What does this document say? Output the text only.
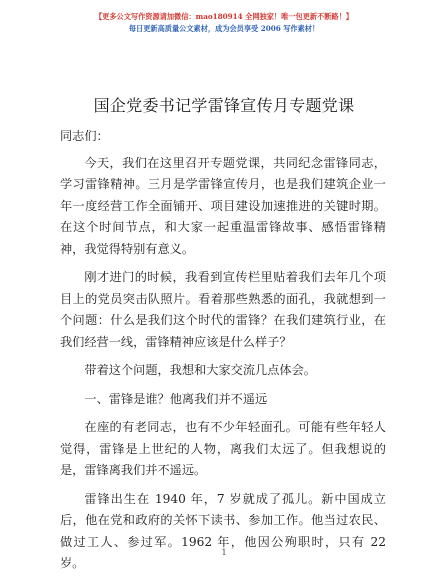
【更多公文写作资源请加微信：mao180914 全网独家！唯一包更新不断路！】
每日更新高质量公文素材，成为会员享受 2006 写作素材！
国企党委书记学雷锋宣传月专题党课

同志们：

今天，我们在这里召开专题党课，共同纪念雷锋同志，学习雷锋精神。三月是学雷锋宣传月，也是我们建筑企业一年一度经营工作全面铺开、项目建设加速推进的关键时期。在这个时间节点，和大家一起重温雷锋故事、感悟雷锋精神，我觉得特别有意义。

刚才进门的时候，我看到宣传栏里贴着我们去年几个项目上的党员突击队照片。看着那些熟悉的面孔，我就想到一个问题：什么是我们这个时代的雷锋？在我们建筑行业，在我们经营一线，雷锋精神应该是什么样子？

带着这个问题，我想和大家交流几点体会。

一、雷锋是谁？他离我们并不遥远

在座的有老同志，也有不少年轻面孔。可能有些年轻人觉得，雷锋是上世纪的人物，离我们太远了。但我想说的是，雷锋离我们并不遥远。

雷锋出生在 1940 年，7 岁就成了孤儿。新中国成立后，他在党和政府的关怀下读书、参加工作。他当过农民、做过工人、参过军。1962 年，他因公殉职时，只有 22 岁。

1
